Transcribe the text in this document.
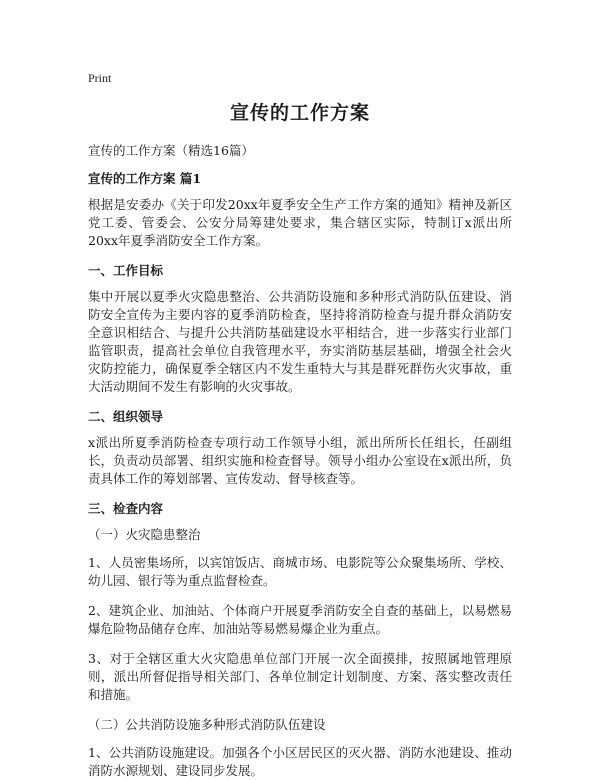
Print
宣传的工作方案
宣传的工作方案（精选16篇）
宣传的工作方案 篇1
根据是安委办《关于印发20xx年夏季安全生产工作方案的通知》精神及新区党工委、管委会、公安分局筹建处要求，集合辖区实际，特制订x派出所20xx年夏季消防安全工作方案。
一、工作目标
集中开展以夏季火灾隐患整治、公共消防设施和多种形式消防队伍建设、消防安全宣传为主要内容的夏季消防检查，坚持将消防检查与提升群众消防安全意识相结合、与提升公共消防基础建设水平相结合，进一步落实行业部门监管职责，提高社会单位自我管理水平，夯实消防基层基础，增强全社会火灾防控能力，确保夏季全辖区内不发生重特大与其是群死群伤火灾事故，重大活动期间不发生有影响的火灾事故。
二、组织领导
x派出所夏季消防检查专项行动工作领导小组，派出所所长任组长，任副组长，负责动员部署、组织实施和检查督导。领导小组办公室设在x派出所，负责具体工作的筹划部署、宣传发动、督导核查等。
三、检查内容
（一）火灾隐患整治
1、人员密集场所，以宾馆饭店、商城市场、电影院等公众聚集场所、学校、幼儿园、银行等为重点监督检查。
2、建筑企业、加油站、个体商户开展夏季消防安全自查的基础上，以易燃易爆危险物品储存仓库、加油站等易燃易爆企业为重点。
3、对于全辖区重大火灾隐患单位部门开展一次全面摸排，按照属地管理原则，派出所督促指导相关部门、各单位制定计划制度、方案、落实整改责任和措施。
（二）公共消防设施多种形式消防队伍建设
1、公共消防设施建设。加强各个小区居民区的灭火器、消防水池建设、推动消防水源规划、建设同步发展。
